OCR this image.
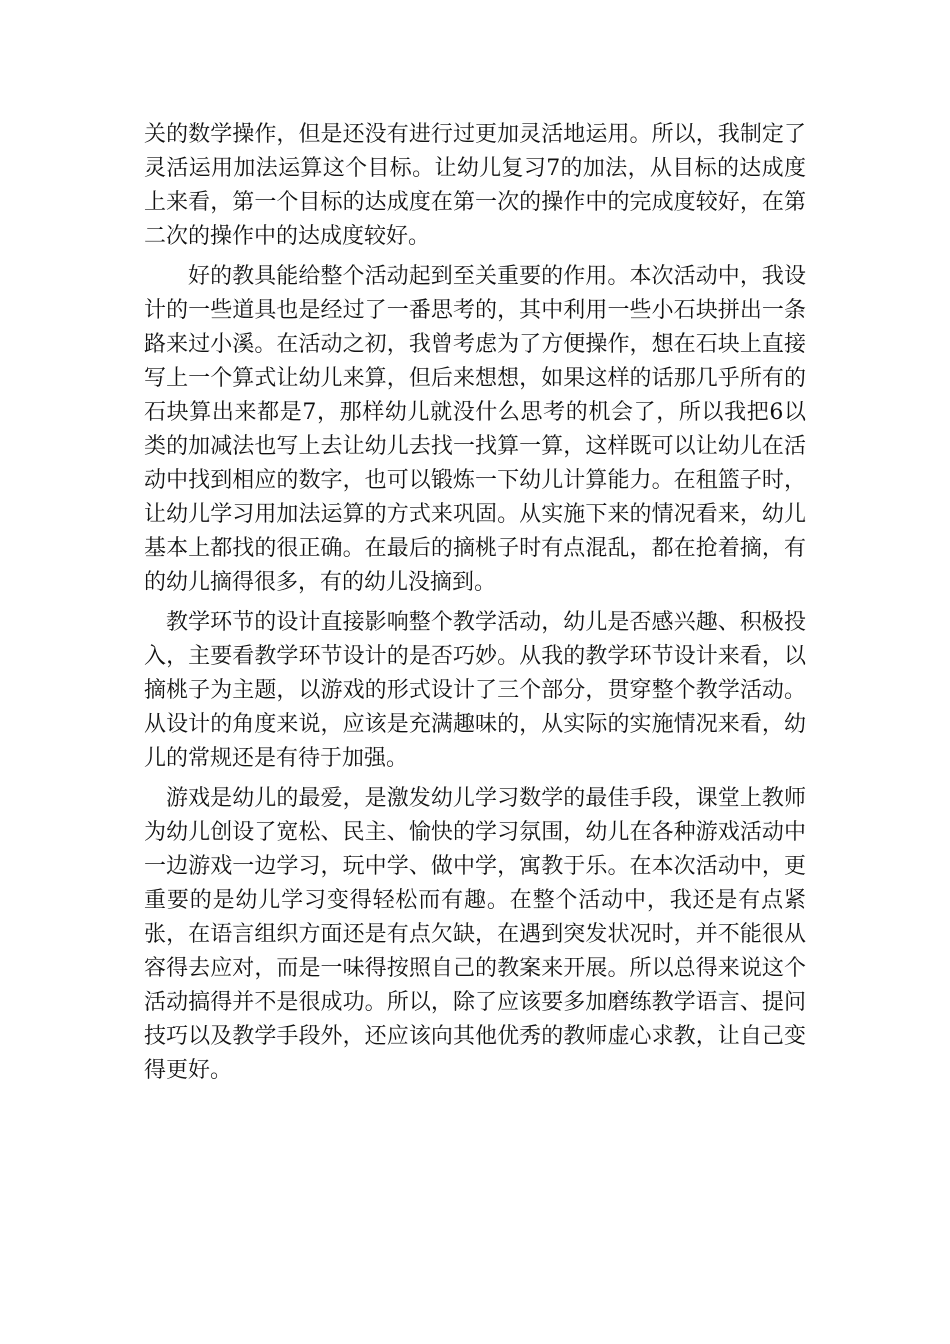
关的数学操作，但是还没有进行过更加灵活地运用。所以，我制定了灵活运用加法运算这个目标。让幼儿复习7的加法，从目标的达成度上来看，第一个目标的达成度在第一次的操作中的完成度较好，在第二次的操作中的达成度较好。

好的教具能给整个活动起到至关重要的作用。本次活动中，我设计的一些道具也是经过了一番思考的，其中利用一些小石块拼出一条路来过小溪。在活动之初，我曾考虑为了方便操作，想在石块上直接写上一个算式让幼儿来算，但后来想想，如果这样的话那几乎所有的石块算出来都是7，那样幼儿就没什么思考的机会了，所以我把6以类的加减法也写上去让幼儿去找一找算一算，这样既可以让幼儿在活动中找到相应的数字，也可以锻炼一下幼儿计算能力。在租篮子时，让幼儿学习用加法运算的方式来巩固。从实施下来的情况看来，幼儿基本上都找的很正确。在最后的摘桃子时有点混乱，都在抢着摘，有的幼儿摘得很多，有的幼儿没摘到。

教学环节的设计直接影响整个教学活动，幼儿是否感兴趣、积极投入，主要看教学环节设计的是否巧妙。从我的教学环节设计来看，以摘桃子为主题，以游戏的形式设计了三个部分，贯穿整个教学活动。从设计的角度来说，应该是充满趣味的，从实际的实施情况来看，幼儿的常规还是有待于加强。

游戏是幼儿的最爱，是激发幼儿学习数学的最佳手段，课堂上教师为幼儿创设了宽松、民主、愉快的学习氛围，幼儿在各种游戏活动中一边游戏一边学习，玩中学、做中学，寓教于乐。在本次活动中，更重要的是幼儿学习变得轻松而有趣。在整个活动中，我还是有点紧张，在语言组织方面还是有点欠缺，在遇到突发状况时，并不能很从容得去应对，而是一味得按照自己的教案来开展。所以总得来说这个活动搞得并不是很成功。所以，除了应该要多加磨练教学语言、提问技巧以及教学手段外，还应该向其他优秀的教师虚心求教，让自己变得更好。
